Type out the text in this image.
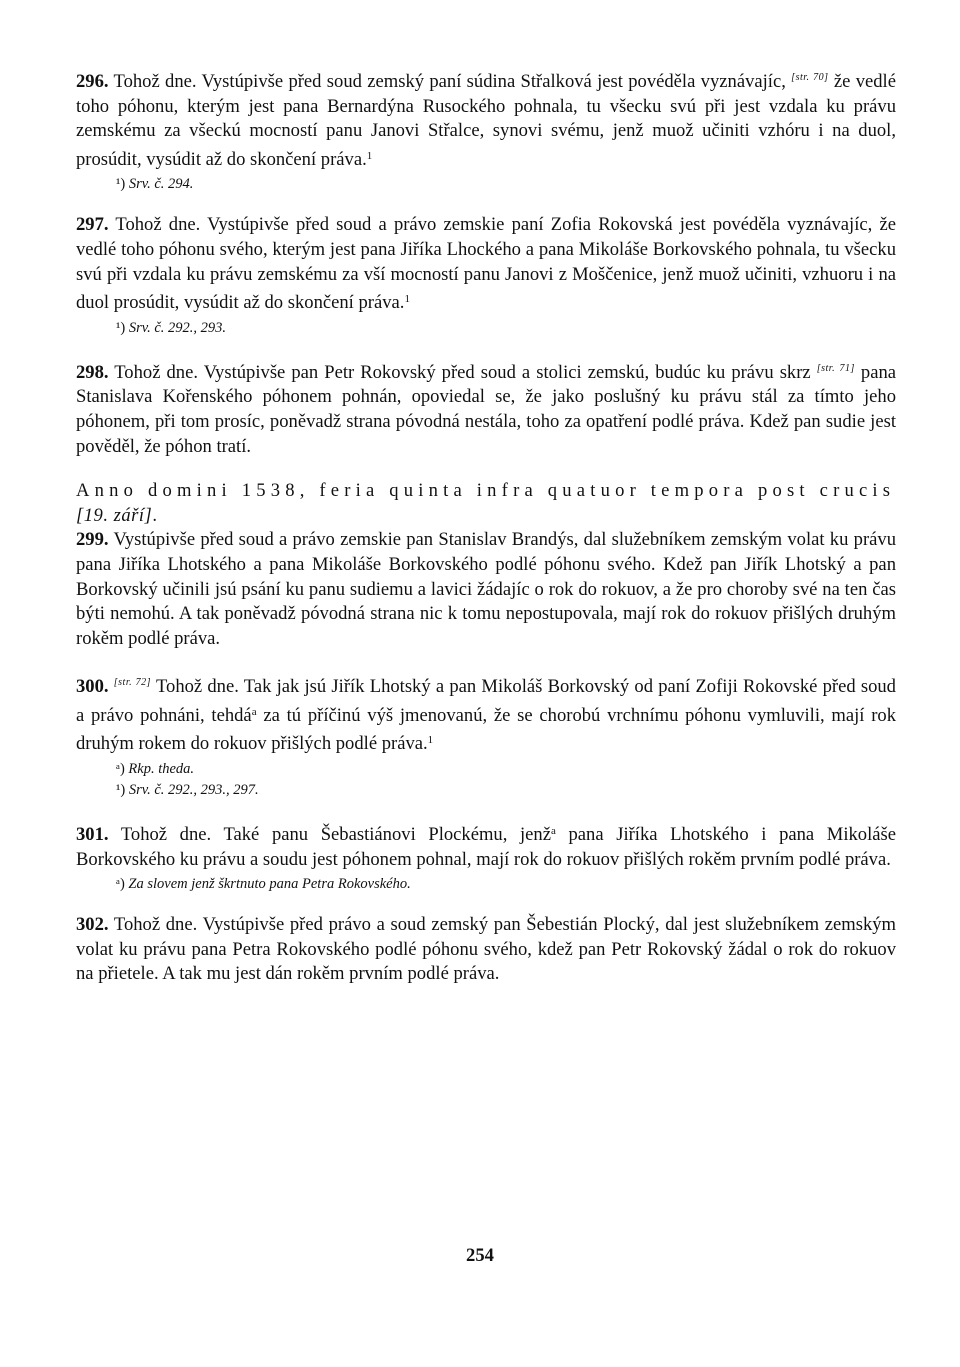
296. Tohož dne. Vystúpivše před soud zemský paní súdina Střalková jest povéděla vyznávajíc, [str. 70] že vedlé toho póhonu, kterým jest pana Bernardýna Rusockého pohnala, tu všecku svú při jest vzdala ku právu zemskému za všeckú mocností panu Janovi Střalce, synovi svému, jenž muož učiniti vzhóru i na duol, prosúdit, vysúdit až do skončení práva.$^1$

¹) Srv. č. 294.

297. Tohož dne. Vystúpivše před soud a právo zemskie paní Zofia Rokovská jest povéděla vyznávajíc, že vedlé toho póhonu svého, kterým jest pana Jiříka Lhockého a pana Mikoláše Borkovského pohnala, tu všecku svú při vzdala ku právu zemskému za vší mocností panu Janovi z Moščenice, jenž muož učiniti, vzhuoru i na duol prosúdit, vysúdit až do skončení práva.$^1$

¹) Srv. č. 292., 293.

298. Tohož dne. Vystúpivše pan Petr Rokovský před soud a stolici zemskú, budúc ku právu skrz [str. 71] pana Stanislava Kořenského póhonem pohnán, opoviedal se, že jako poslušný ku právu stál za tímto jeho póhonem, při tom prosíc, poněvadž strana póvodná nestála, toho za opatření podlé práva. Kdež pan sudie jest pověděl, že póhon tratí.

Anno domini 1538, feria quinta infra quatuor tempora post crucis [19. září].

299. Vystúpivše před soud a právo zemskie pan Stanislav Brandýs, dal služebníkem zemským volat ku právu pana Jiříka Lhotského a pana Mikoláše Borkovského podlé póhonu svého. Kdež pan Jiřík Lhotský a pan Borkovský učinili jsú psání ku panu sudiemu a lavici žádajíc o rok do rokuov, a že pro choroby své na ten čas býti nemohú. A tak poněvadž póvodná strana nic k tomu nepostupovala, mají rok do rokuov přišlých druhým rokěm podlé práva.

300. [str. 72] Tohož dne. Tak jak jsú Jiřík Lhotský a pan Mikoláš Borkovský od paní Zofiji Rokovské před soud a právo pohnáni, tehdá$^a$ za tú příčinú výš jmenovanú, že se chorobú vrchnímu póhonu vymluvili, mají rok druhým rokem do rokuov přišlých podlé práva.$^1$

ᵃ) Rkp. theda.
¹) Srv. č. 292., 293., 297.

301. Tohož dne. Také panu Šebastiánovi Plockému, jenž$^a$ pana Jiříka Lhotského i pana Mikoláše Borkovského ku právu a soudu jest póhonem pohnal, mají rok do rokuov přišlých rokěm prvním podlé práva.

ᵃ) Za slovem jenž škrtnuto pana Petra Rokovského.

302. Tohož dne. Vystúpivše před právo a soud zemský pan Šebestián Plocký, dal jest služebníkem zemským volat ku právu pana Petra Rokovského podlé póhonu svého, kdež pan Petr Rokovský žádal o rok do rokuov na přietele. A tak mu jest dán rokěm prvním podlé práva.

254
